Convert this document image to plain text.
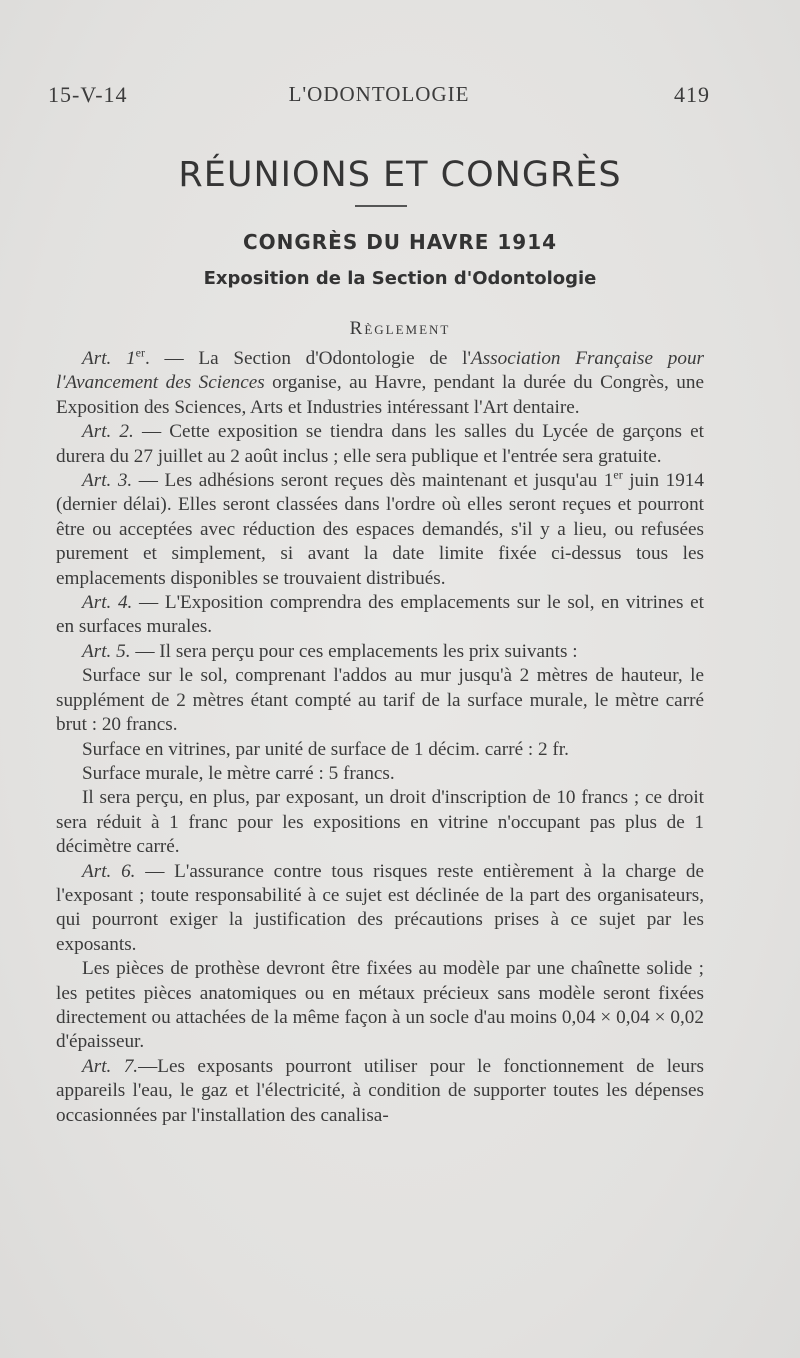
15-V-14	L'ODONTOLOGIE	419
RÉUNIONS ET CONGRÈS
CONGRÈS DU HAVRE 1914
Exposition de la Section d'Odontologie
Règlement

Art. 1er. — La Section d'Odontologie de l'Association Française pour l'Avancement des Sciences organise, au Havre, pendant la durée du Congrès, une Exposition des Sciences, Arts et Industries intéressant l'Art dentaire.

Art. 2. — Cette exposition se tiendra dans les salles du Lycée de garçons et durera du 27 juillet au 2 août inclus ; elle sera publique et l'entrée sera gratuite.

Art. 3. — Les adhésions seront reçues dès maintenant et jusqu'au 1er juin 1914 (dernier délai). Elles seront classées dans l'ordre où elles seront reçues et pourront être ou acceptées avec réduction des espaces demandés, s'il y a lieu, ou refusées purement et simplement, si avant la date limite fixée ci-dessus tous les emplacements disponibles se trouvaient distribués.

Art. 4. — L'Exposition comprendra des emplacements sur le sol, en vitrines et en surfaces murales.

Art. 5. — Il sera perçu pour ces emplacements les prix suivants :

Surface sur le sol, comprenant l'addos au mur jusqu'à 2 mètres de hauteur, le supplément de 2 mètres étant compté au tarif de la surface murale, le mètre carré brut : 20 francs.

Surface en vitrines, par unité de surface de 1 décim. carré : 2 fr.

Surface murale, le mètre carré : 5 francs.

Il sera perçu, en plus, par exposant, un droit d'inscription de 10 francs ; ce droit sera réduit à 1 franc pour les expositions en vitrine n'occupant pas plus de 1 décimètre carré.

Art. 6. — L'assurance contre tous risques reste entièrement à la charge de l'exposant ; toute responsabilité à ce sujet est déclinée de la part des organisateurs, qui pourront exiger la justification des précautions prises à ce sujet par les exposants.

Les pièces de prothèse devront être fixées au modèle par une chaînette solide ; les petites pièces anatomiques ou en métaux précieux sans modèle seront fixées directement ou attachées de la même façon à un socle d'au moins 0,04 × 0,04 × 0,02 d'épaisseur.

Art. 7.—Les exposants pourront utiliser pour le fonctionnement de leurs appareils l'eau, le gaz et l'électricité, à condition de supporter toutes les dépenses occasionnées par l'installation des canalisa-
